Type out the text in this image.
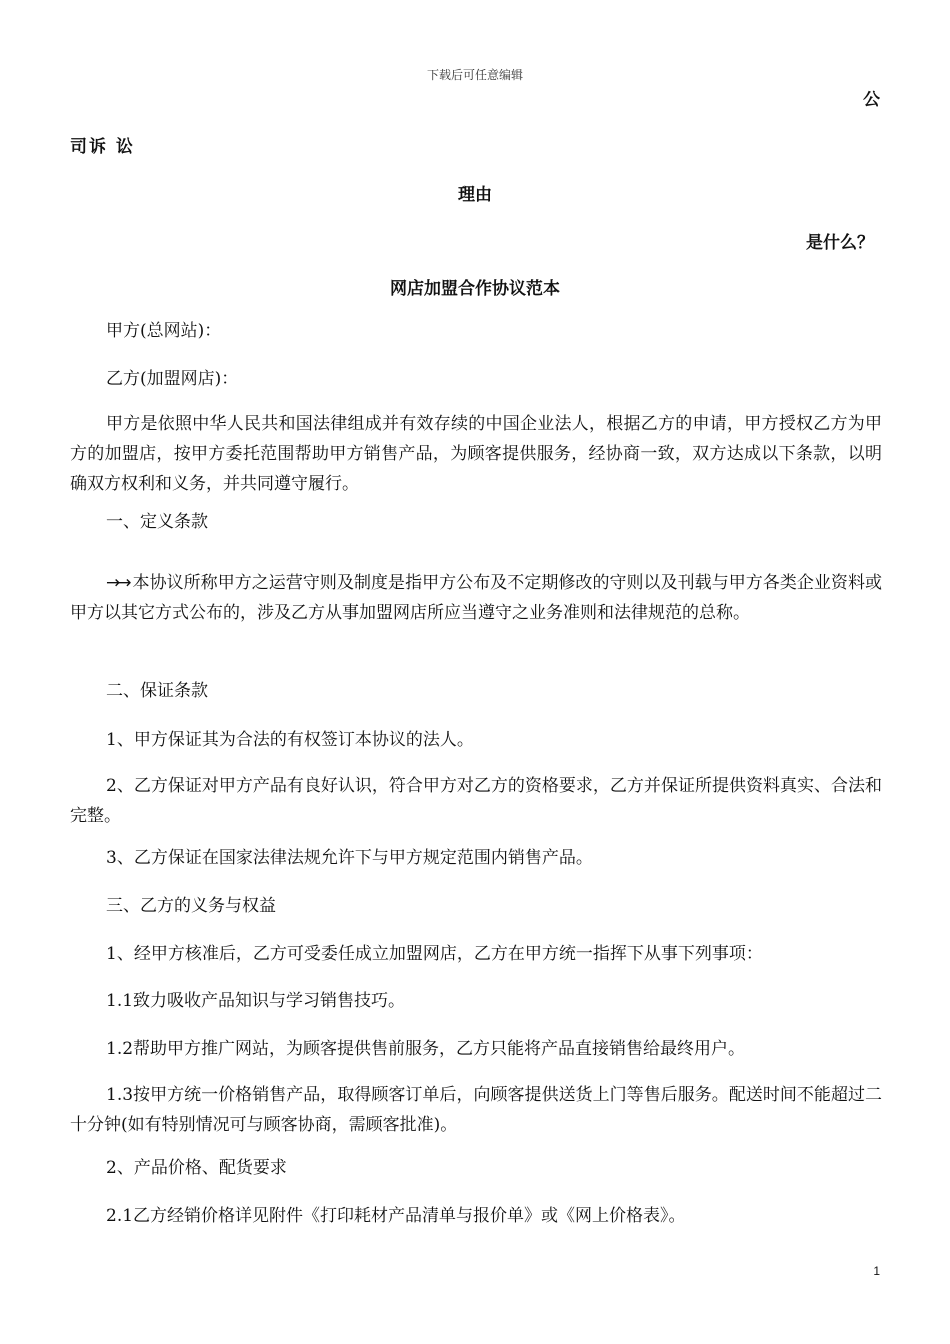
下载后可任意编辑
公
司诉 讼
理由
是什么？
网店加盟合作协议范本
甲方(总网站)：
乙方(加盟网店)：
甲方是依照中华人民共和国法律组成并有效存续的中国企业法人，根据乙方的申请，甲方授权乙方为甲方的加盟店，按甲方委托范围帮助甲方销售产品，为顾客提供服务，经协商一致，双方达成以下条款，以明确双方权利和义务，并共同遵守履行。
一、定义条款
→→ 本协议所称甲方之运营守则及制度是指甲方公布及不定期修改的守则以及刊载与甲方各类企业资料或甲方以其它方式公布的，涉及乙方从事加盟网店所应当遵守之业务准则和法律规范的总称。
二、保证条款
1、甲方保证其为合法的有权签订本协议的法人。
2、乙方保证对甲方产品有良好认识，符合甲方对乙方的资格要求，乙方并保证所提供资料真实、合法和完整。
3、乙方保证在国家法律法规允许下与甲方规定范围内销售产品。
三、乙方的义务与权益
1、经甲方核准后，乙方可受委任成立加盟网店，乙方在甲方统一指挥下从事下列事项：
1.1致力吸收产品知识与学习销售技巧。
1.2帮助甲方推广网站，为顾客提供售前服务，乙方只能将产品直接销售给最终用户。
1.3按甲方统一价格销售产品，取得顾客订单后，向顾客提供送货上门等售后服务。配送时间不能超过二十分钟(如有特别情况可与顾客协商，需顾客批准)。
2、产品价格、配货要求
2.1乙方经销价格详见附件《打印耗材产品清单与报价单》或《网上价格表》。
1
